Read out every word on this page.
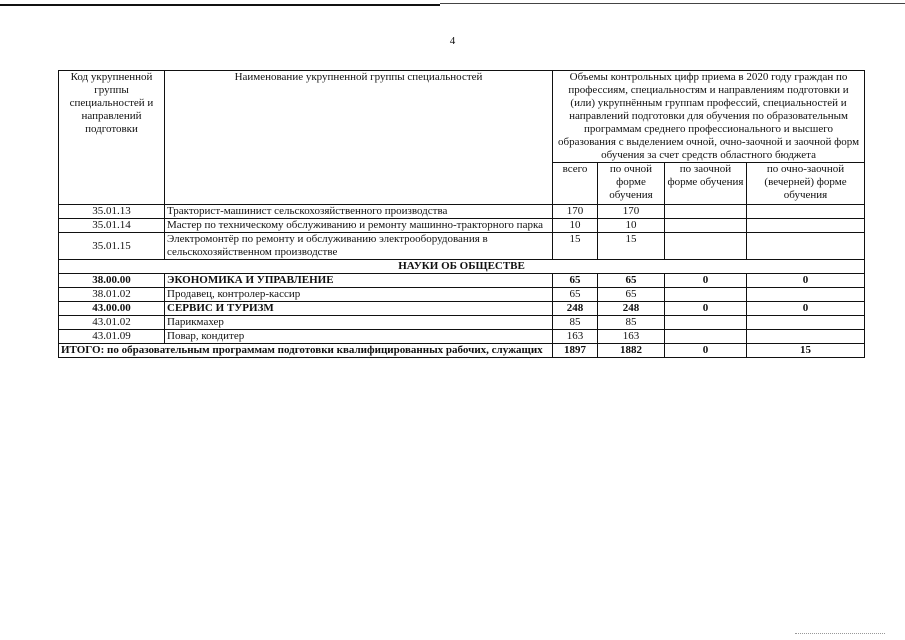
4
Код укрупненной группы специальностей и направлений подготовки	Наименование укрупненной группы специальностей	Объемы контрольных цифр приема в 2020 году граждан по профессиям, специальностям и направлениям подготовки и (или) укрупнённым группам профессий, специальностей и направлений подготовки для обучения по образовательным программам среднего профессионального и высшего образования с выделением очной, очно-заочной и заочной форм обучения за счет средств областного бюджета			
		всего	по очной форме обучения	по заочной форме обучения	по очно-заочной (вечерней) форме обучения
35.01.13	Тракторист-машинист сельскохозяйственного производства	170	170		
35.01.14	Мастер по техническому обслуживанию и ремонту машинно-тракторного парка	10	10		
35.01.15	Электромонтёр по ремонту и обслуживанию электрооборудования в сельскохозяйственном производстве	15	15		
НАУКИ ОБ ОБЩЕСТВЕ					
38.00.00	ЭКОНОМИКА И УПРАВЛЕНИЕ	65	65	0	0
38.01.02	Продавец, контролер-кассир	65	65		
43.00.00	СЕРВИС И ТУРИЗМ	248	248	0	0
43.01.02	Парикмахер	85	85		
43.01.09	Повар, кондитер	163	163		
ИТОГО: по образовательным программам подготовки квалифицированных рабочих, служащих		1897	1882	0	15
